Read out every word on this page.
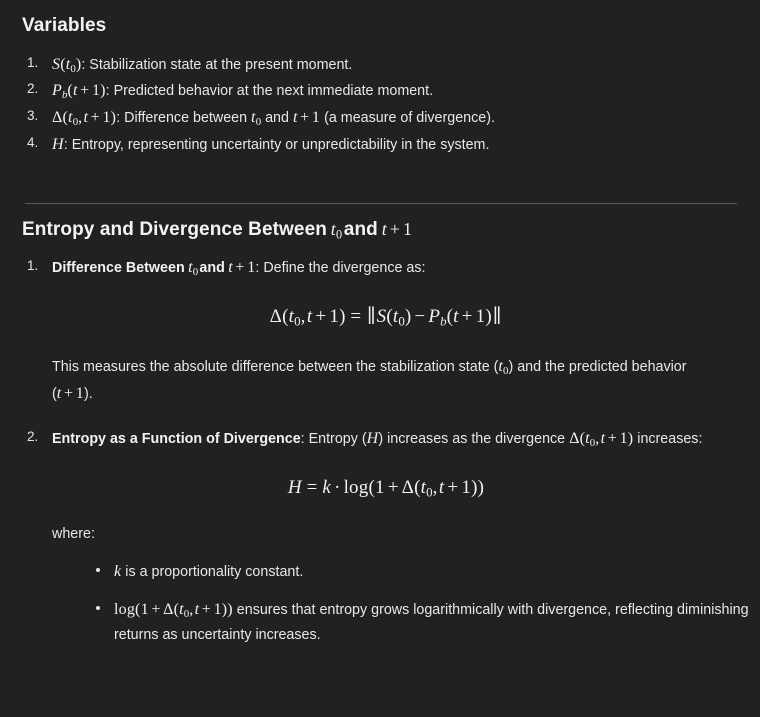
Variables
$S(t_0)$: Stabilization state at the present moment.
$P_b(t + 1)$: Predicted behavior at the next immediate moment.
$\Delta(t_0$, t + 1): Difference between $t_0$ and t + 1 (a measure of divergence).
H: Entropy, representing uncertainty or unpredictability in the system.
Entropy and Divergence Between  $t_0$ and  t + 1
Difference Between  $t_0$ and  t + 1: Define the divergence as:
$\Delta(t_0$, t + 1) = $\parallel S(t_0) - P_b(t$ + 1)∥

This measures the absolute difference between the stabilization state $(t_0)$ and the predicted behavior (t + 1).

Entropy as a Function of Divergence: Entropy (H) increases as the divergence $\Delta(t_0$, t + 1) increases:
H = $k \cdot \log(1 + \Delta(t_0$, t + 1))

where:

k is a proportionality constant.
$\log(1 + \Delta(t_0$, t + 1)) ensures that entropy grows logarithmically with divergence, reflecting diminishing returns as uncertainty increases.
